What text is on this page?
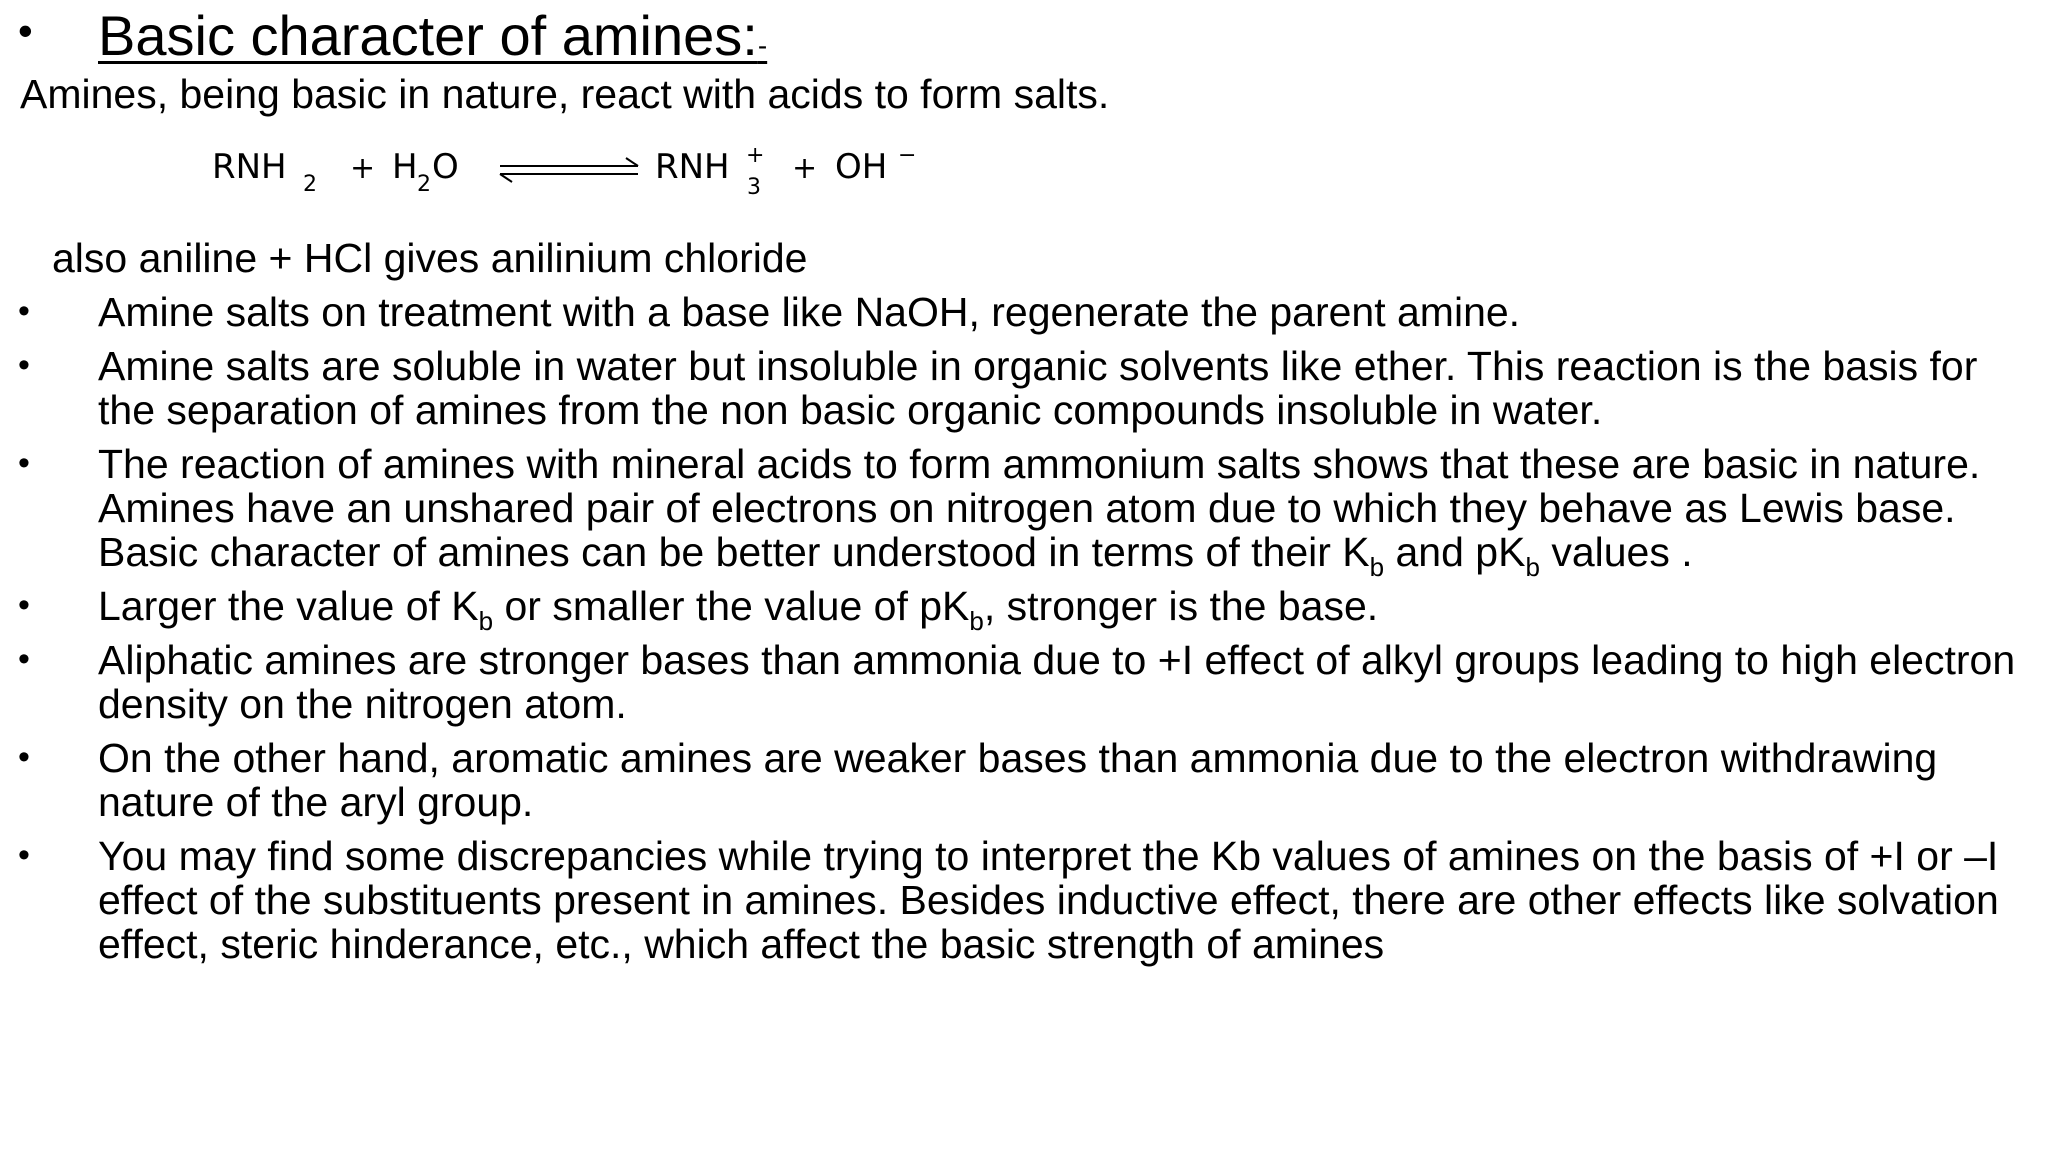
• Basic character of amines:-
Amines, being basic in nature, react with acids to form salts.
RNH 2 + H 2 O	RNH +
3
+ OH −
also aniline + HCl gives anilinium chloride
• Amine salts on treatment with a base like NaOH, regenerate the parent amine.
• Amine salts are soluble in water but insoluble in organic solvents like ether. This reaction is the basis for the separation of amines from the non basic organic compounds insoluble in water.
• The reaction of amines with mineral acids to form ammonium salts shows that these are basic in nature. Amines have an unshared pair of electrons on nitrogen atom due to which they behave as Lewis base. Basic character of amines can be better understood in terms of their $K_b$ and $pK_b$ values .
• Larger the value of $K_b$ or smaller the value of $pK_b$, stronger is the base.
• Aliphatic amines are stronger bases than ammonia due to +I effect of alkyl groups leading to high electron density on the nitrogen atom.
• On the other hand, aromatic amines are weaker bases than ammonia due to the electron withdrawing nature of the aryl group.
• You may find some discrepancies while trying to interpret the Kb values of amines on the basis of +I or –I effect of the substituents present in amines. Besides inductive effect, there are other effects like solvation effect, steric hinderance, etc., which affect the basic strength of amines
